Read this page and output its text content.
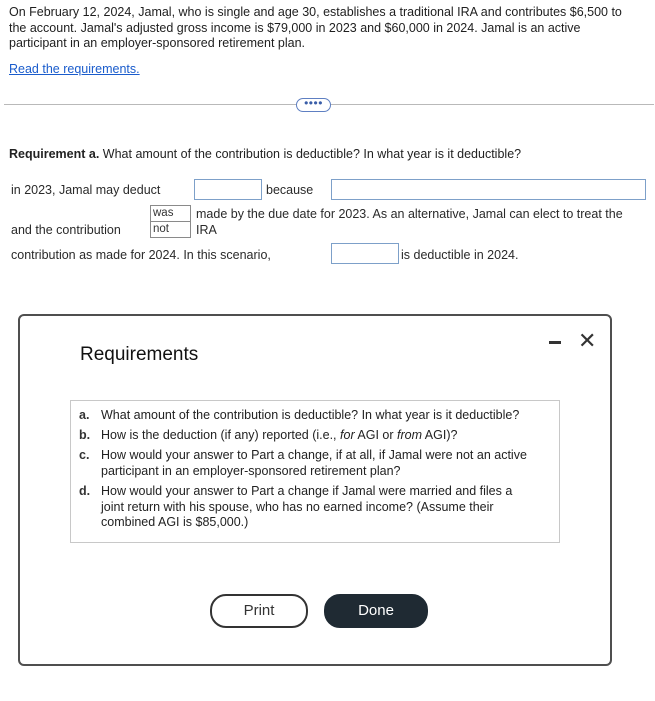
On February 12, 2024, Jamal, who is single and age 30, establishes a traditional IRA and contributes $6,500 to
the account. Jamal's adjusted gross income is $79,000 in 2023 and $60,000 in 2024. Jamal is an active
participant in an employer-sponsored retirement plan.
Read the requirements.
••••
Requirement a. What amount of the contribution is deductible? In what year is it deductible?
in 2023, Jamal may deduct	because
and the contribution
was
not
made by the due date for 2023. As an alternative, Jamal can elect to treat the
IRA
contribution as made for 2024. In this scenario,	is deductible in 2024.
Requirements
✕
a. What amount of the contribution is deductible? In what year is it deductible?
b. How is the deduction (if any) reported (i.e., for AGI or from AGI)?
c. How would your answer to Part a change, if at all, if Jamal were not an active
participant in an employer-sponsored retirement plan?
d. How would your answer to Part a change if Jamal were married and files a
joint return with his spouse, who has no earned income? (Assume their
combined AGI is $85,000.)
Print	Done
